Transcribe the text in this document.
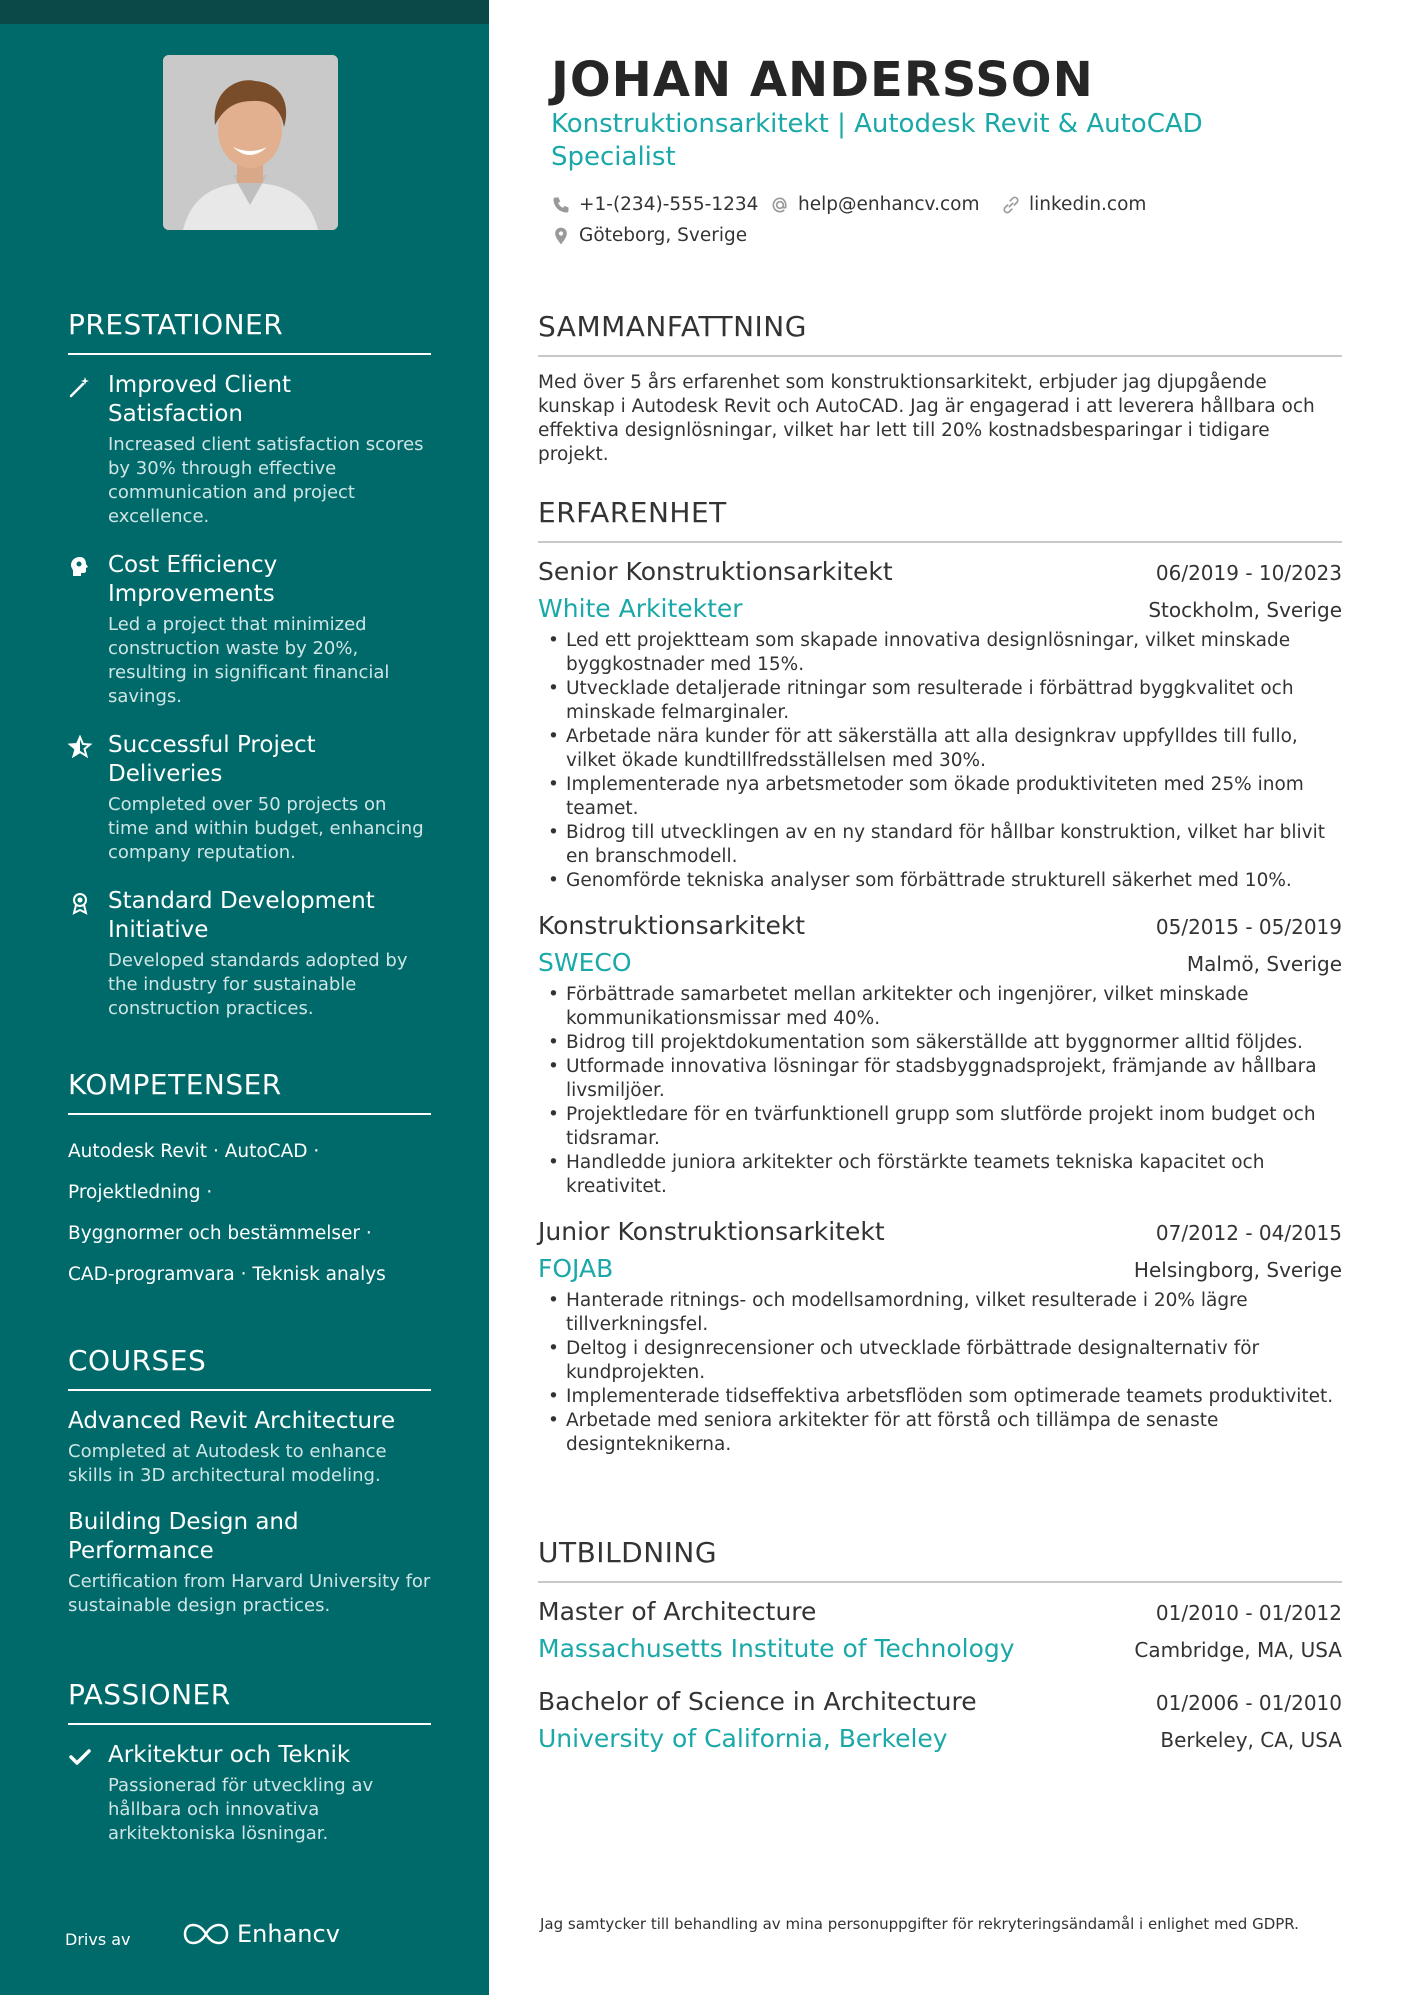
PRESTATIONER
Improved Client Satisfaction
Increased client satisfaction scores by 30% through effective communication and project excellence.
Cost Efficiency Improvements
Led a project that minimized construction waste by 20%, resulting in significant financial savings.
Successful Project Deliveries
Completed over 50 projects on time and within budget, enhancing company reputation.
Standard Development Initiative
Developed standards adopted by the industry for sustainable construction practices.
KOMPETENSER
Autodesk Revit · AutoCAD ·
Projektledning ·
Byggnormer och bestämmelser ·
CAD-programvara · Teknisk analys
COURSES
Advanced Revit Architecture
Completed at Autodesk to enhance skills in 3D architectural modeling.
Building Design and Performance
Certification from Harvard University for sustainable design practices.
PASSIONER
Arkitektur och Teknik
Passionerad för utveckling av hållbara och innovativa arkitektoniska lösningar.
Drivs av	Enhancv
JOHAN ANDERSSON
Konstruktionsarkitekt | Autodesk Revit & AutoCAD Specialist
+1-(234)-555-1234 help@enhancv.com	linkedin.com
Göteborg, Sverige
SAMMANFATTNING
Med över 5 års erfarenhet som konstruktionsarkitekt, erbjuder jag djupgående kunskap i Autodesk Revit och AutoCAD. Jag är engagerad i att leverera hållbara och effektiva designlösningar, vilket har lett till 20% kostnadsbesparingar i tidigare projekt.
ERFARENHET
Senior Konstruktionsarkitekt	06/2019 - 10/2023
White Arkitekter	Stockholm, Sverige
• Led ett projektteam som skapade innovativa designlösningar, vilket minskade byggkostnader med 15%.
• Utvecklade detaljerade ritningar som resulterade i förbättrad byggkvalitet och minskade felmarginaler.
• Arbetade nära kunder för att säkerställa att alla designkrav uppfylldes till fullo, vilket ökade kundtillfredsställelsen med 30%.
• Implementerade nya arbetsmetoder som ökade produktiviteten med 25% inom teamet.
• Bidrog till utvecklingen av en ny standard för hållbar konstruktion, vilket har blivit en branschmodell.
• Genomförde tekniska analyser som förbättrade strukturell säkerhet med 10%.
Konstruktionsarkitekt	05/2015 - 05/2019
SWECO	Malmö, Sverige
• Förbättrade samarbetet mellan arkitekter och ingenjörer, vilket minskade kommunikationsmissar med 40%.
• Bidrog till projektdokumentation som säkerställde att byggnormer alltid följdes.
• Utformade innovativa lösningar för stadsbyggnadsprojekt, främjande av hållbara livsmiljöer.
• Projektledare för en tvärfunktionell grupp som slutförde projekt inom budget och tidsramar.
• Handledde juniora arkitekter och förstärkte teamets tekniska kapacitet och kreativitet.
Junior Konstruktionsarkitekt	07/2012 - 04/2015
FOJAB	Helsingborg, Sverige
• Hanterade ritnings- och modellsamordning, vilket resulterade i 20% lägre tillverkningsfel.
• Deltog i designrecensioner och utvecklade förbättrade designalternativ för kundprojekten.
• Implementerade tidseffektiva arbetsflöden som optimerade teamets produktivitet.
• Arbetade med seniora arkitekter för att förstå och tillämpa de senaste designteknikerna.
UTBILDNING
Master of Architecture	01/2010 - 01/2012
Massachusetts Institute of Technology	Cambridge, MA, USA
Bachelor of Science in Architecture	01/2006 - 01/2010
University of California, Berkeley	Berkeley, CA, USA
Jag samtycker till behandling av mina personuppgifter för rekryteringsändamål i enlighet med GDPR.
